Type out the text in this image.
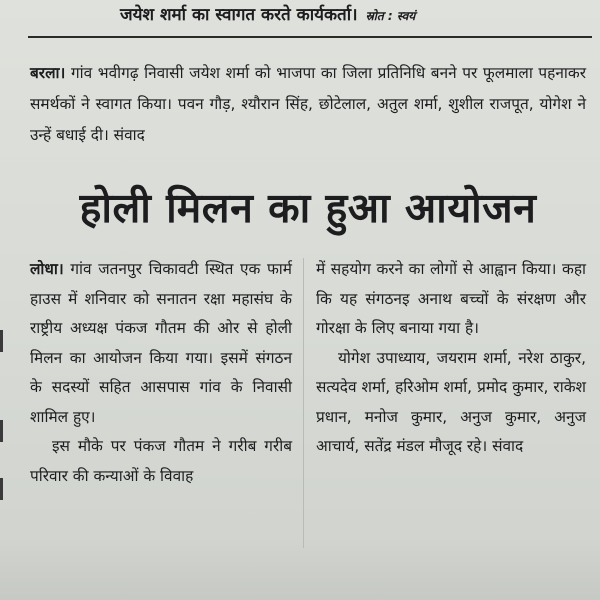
जयेश शर्मा का स्वागत करते कार्यकर्ता। स्रोत : स्वयं
बरला। गांव भवीगढ़ निवासी जयेश शर्मा को भाजपा का जिला प्रतिनिधि बनने पर फूलमाला पहनाकर समर्थकों ने स्वागत किया। पवन गौड़, श्यौरान सिंह, छोटेलाल, अतुल शर्मा, शुशील राजपूत, योगेश ने उन्हें बधाई दी। संवाद
होली मिलन का हुआ आयोजन

लोधा। गांव जतनपुर चिकावटी स्थित एक फार्म हाउस में शनिवार को सनातन रक्षा महासंघ के राष्ट्रीय अध्यक्ष पंकज गौतम की ओर से होली मिलन का आयोजन किया गया। इसमें संगठन के सदस्यों सहित आसपास गांव के निवासी शामिल हुए।

इस मौके पर पंकज गौतम ने गरीब गरीब परिवार की कन्याओं के विवाह

में सहयोग करने का लोगों से आह्वान किया। कहा कि यह संगठनइ अनाथ बच्चों के संरक्षण और गोरक्षा के लिए बनाया गया है।

योगेश उपाध्याय, जयराम शर्मा, नरेश ठाकुर, सत्यदेव शर्मा, हरिओम शर्मा, प्रमोद कुमार, राकेश प्रधान, मनोज कुमार, अनुज कुमार, अनुज आचार्य, सतेंद्र मंडल मौजूद रहे। संवाद
